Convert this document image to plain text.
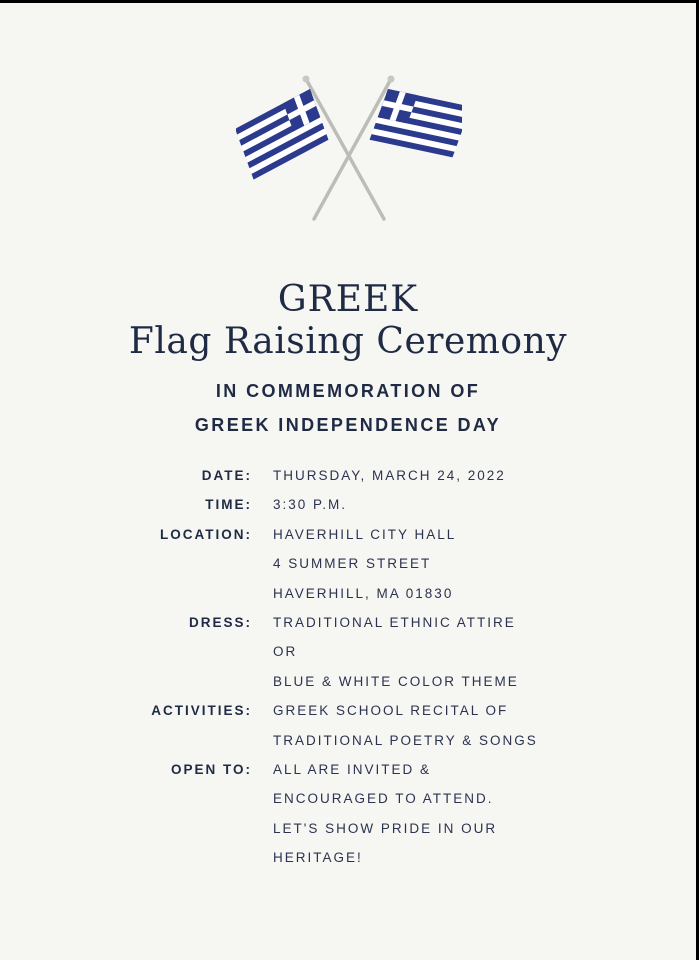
GREEK
Flag Raising Ceremony
IN COMMEMORATION OF
GREEK INDEPENDENCE DAY
DATE: THURSDAY, MARCH 24, 2022
TIME: 3:30 P.M.
LOCATION: HAVERHILL CITY HALL
4 SUMMER STREET
HAVERHILL, MA 01830
DRESS: TRADITIONAL ETHNIC ATTIRE
OR
BLUE & WHITE COLOR THEME
ACTIVITIES: GREEK SCHOOL RECITAL OF
TRADITIONAL POETRY & SONGS
OPEN TO: ALL ARE INVITED &
ENCOURAGED TO ATTEND.
LET'S SHOW PRIDE IN OUR
HERITAGE!
